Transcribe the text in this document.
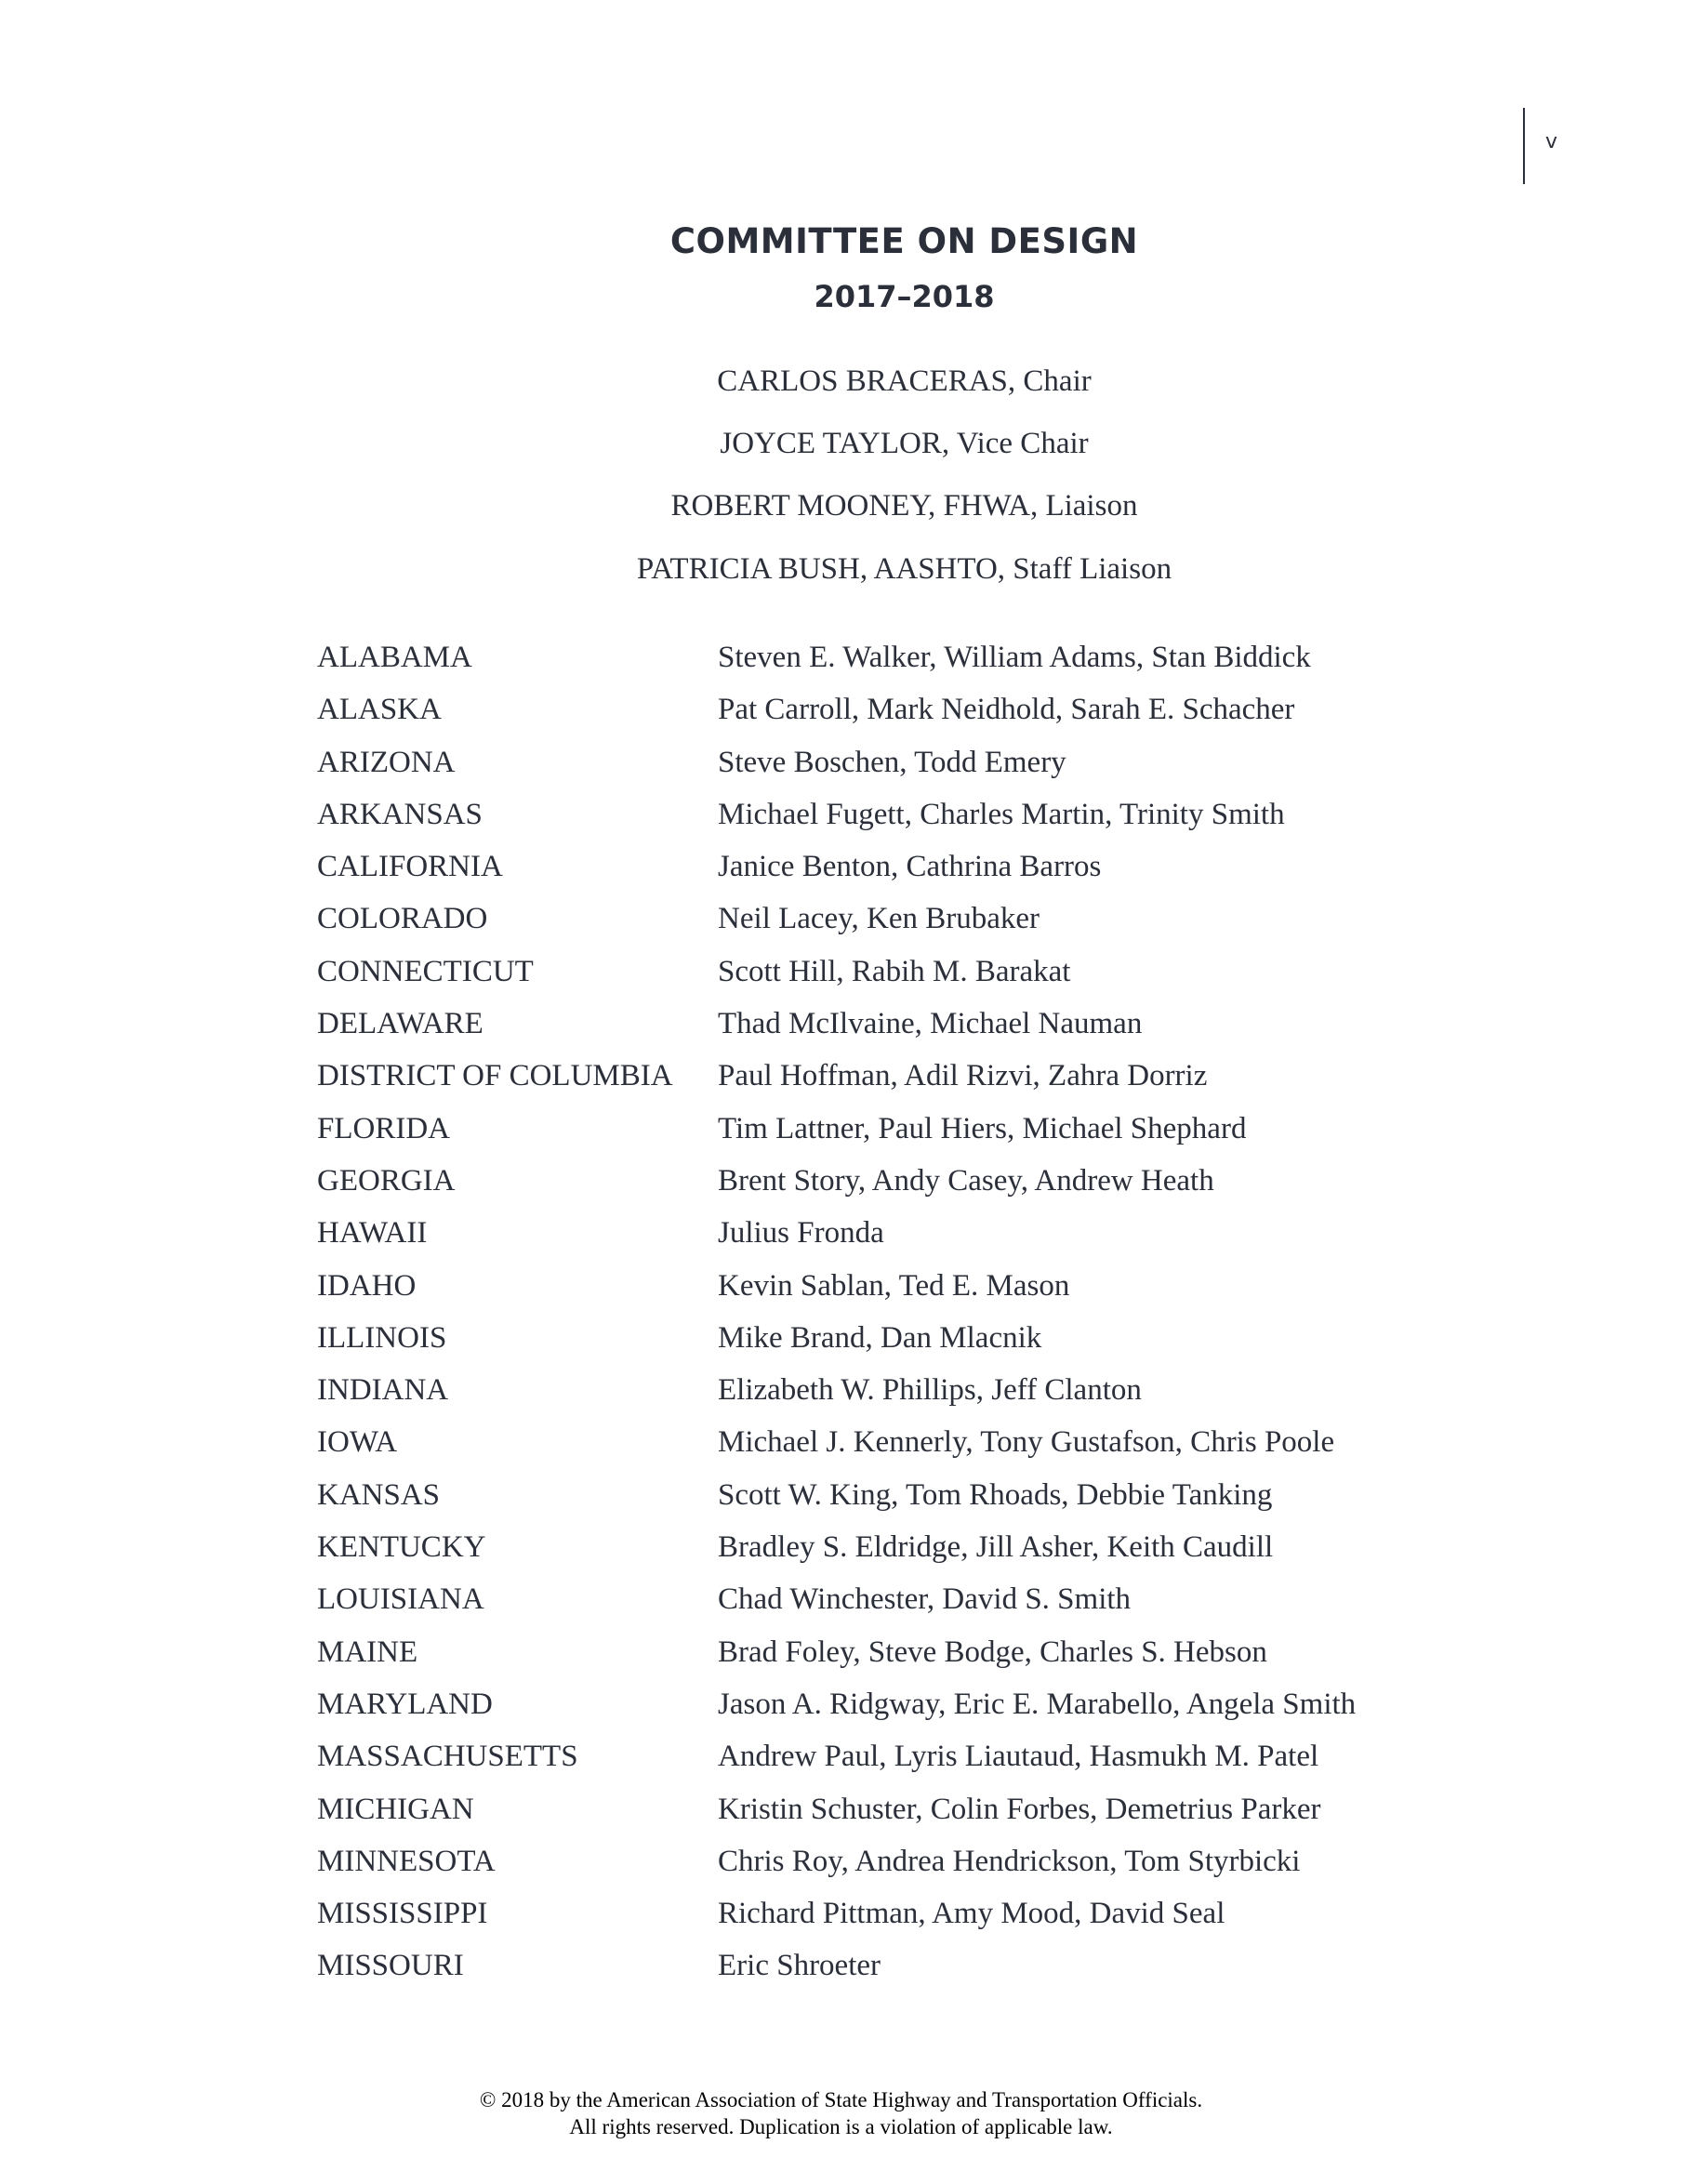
v
COMMITTEE ON DESIGN
2017–2018
CARLOS BRACERAS, Chair
JOYCE TAYLOR, Vice Chair
ROBERT MOONEY, FHWA, Liaison
PATRICIA BUSH, AASHTO, Staff Liaison
ALABAMA	Steven E. Walker, William Adams, Stan Biddick
ALASKA	Pat Carroll, Mark Neidhold, Sarah E. Schacher
ARIZONA	Steve Boschen, Todd Emery
ARKANSAS	Michael Fugett, Charles Martin, Trinity Smith
CALIFORNIA	Janice Benton, Cathrina Barros
COLORADO	Neil Lacey, Ken Brubaker
CONNECTICUT	Scott Hill, Rabih M. Barakat
DELAWARE	Thad McIlvaine, Michael Nauman
DISTRICT OF COLUMBIA Paul Hoffman, Adil Rizvi, Zahra Dorriz
FLORIDA	Tim Lattner, Paul Hiers, Michael Shephard
GEORGIA	Brent Story, Andy Casey, Andrew Heath
HAWAII	Julius Fronda
IDAHO	Kevin Sablan, Ted E. Mason
ILLINOIS	Mike Brand, Dan Mlacnik
INDIANA	Elizabeth W. Phillips, Jeff Clanton
IOWA	Michael J. Kennerly, Tony Gustafson, Chris Poole
KANSAS	Scott W. King, Tom Rhoads, Debbie Tanking
KENTUCKY	Bradley S. Eldridge, Jill Asher, Keith Caudill
LOUISIANA	Chad Winchester, David S. Smith
MAINE	Brad Foley, Steve Bodge, Charles S. Hebson
MARYLAND	Jason A. Ridgway, Eric E. Marabello, Angela Smith
MASSACHUSETTS	Andrew Paul, Lyris Liautaud, Hasmukh M. Patel
MICHIGAN	Kristin Schuster, Colin Forbes, Demetrius Parker
MINNESOTA	Chris Roy, Andrea Hendrickson, Tom Styrbicki
MISSISSIPPI	Richard Pittman, Amy Mood, David Seal
MISSOURI	Eric Shroeter
© 2018 by the American Association of State Highway and Transportation Officials.
All rights reserved. Duplication is a violation of applicable law.
